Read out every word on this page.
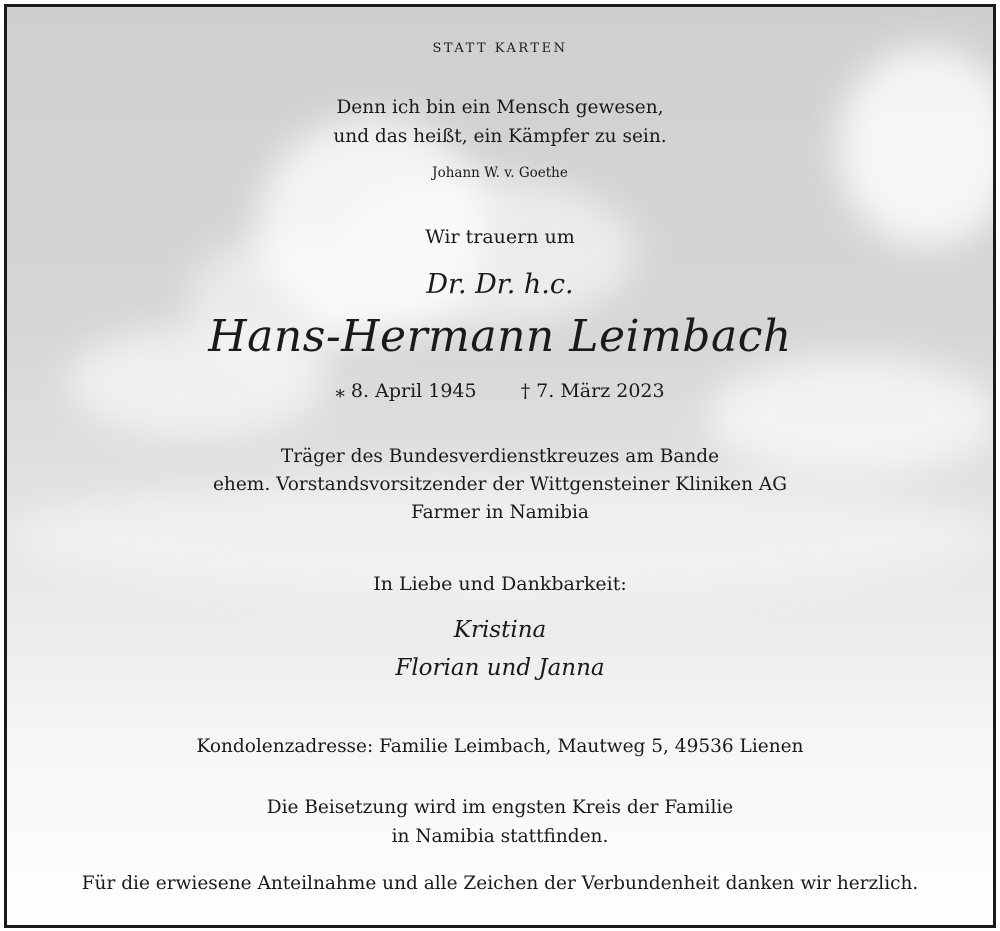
STATT KARTEN
Denn ich bin ein Mensch gewesen,
und das heißt, ein Kämpfer zu sein.
Johann W. v. Goethe
Wir trauern um
Dr. Dr. h.c.
Hans-Hermann Leimbach
⁎ 8. April 1945 † 7. März 2023
Träger des Bundesverdienstkreuzes am Bande
ehem. Vorstandsvorsitzender der Wittgensteiner Kliniken AG
Farmer in Namibia
In Liebe und Dankbarkeit:
Kristina
Florian und Janna
Kondolenzadresse: Familie Leimbach, Mautweg 5, 49536 Lienen
Die Beisetzung wird im engsten Kreis der Familie
in Namibia stattfinden.
Für die erwiesene Anteilnahme und alle Zeichen der Verbundenheit danken wir herzlich.
